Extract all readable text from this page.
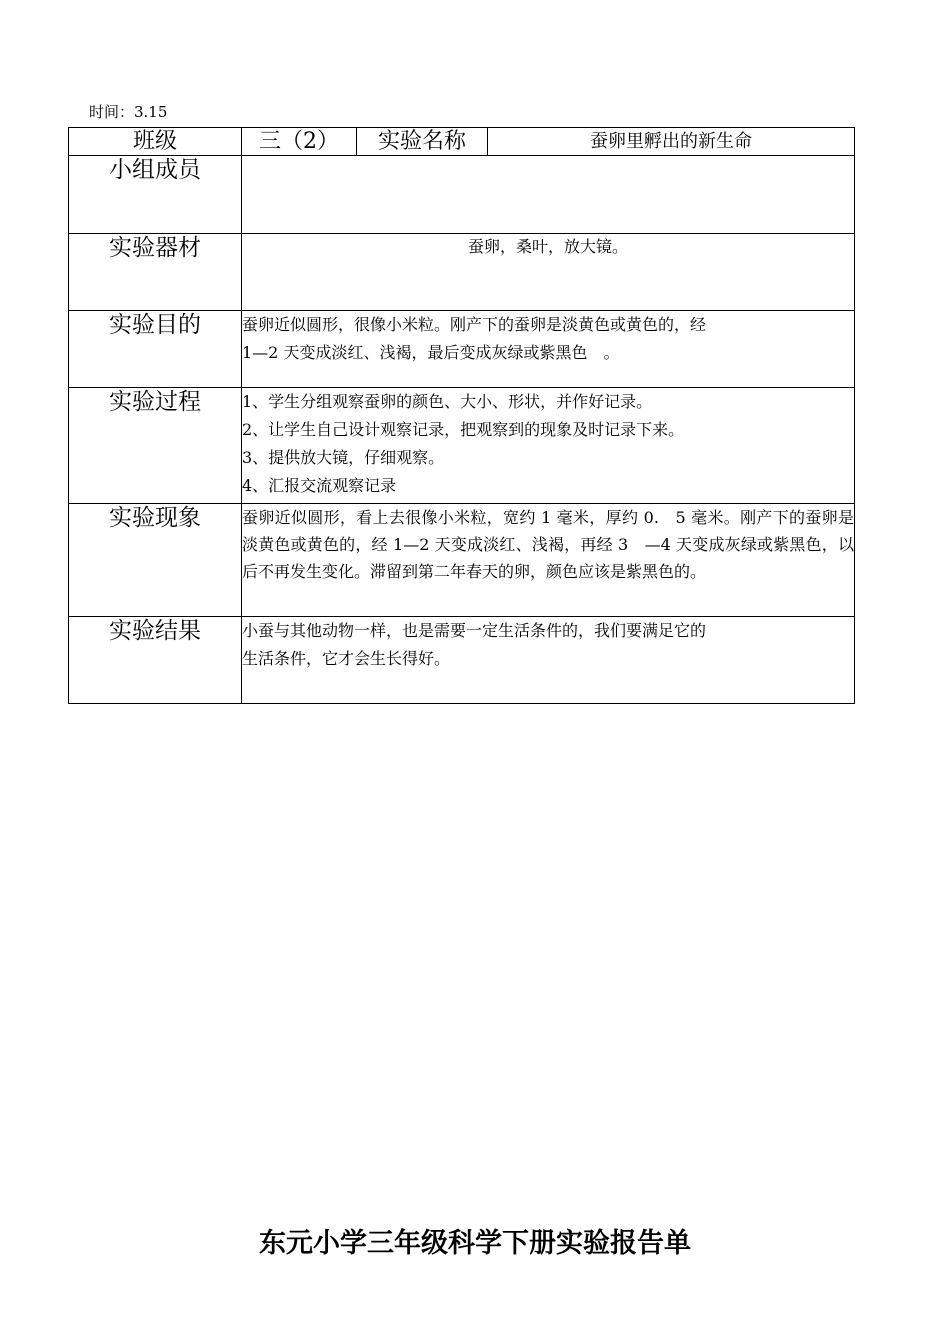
时间：3.15
班级	三（2）	实验名称	蚕卵里孵出的新生命
小组成员			
实验器材	蚕卵，桑叶，放大镜。		
实验目的	蚕卵近似圆形，很像小米粒。刚产下的蚕卵是淡黄色或黄色的，经

1—2 天变成淡红、浅褐，最后变成灰绿或紫黑色　。		

实验过程	1、学生分组观察蚕卵的颜色、大小、形状，并作好记录。

2、让学生自己设计观察记录，把观察到的现象及时记录下来。

3、提供放大镜，仔细观察。

4、汇报交流观察记录		

实验现象	蚕卵近似圆形，看上去很像小米粒，宽约 1 毫米，厚约 0.　5 毫米。刚产下的蚕卵是淡黄色或黄色的，经 1—2 天变成淡红、浅褐，再经 3　—4 天变成灰绿或紫黑色，以后不再发生变化。滞留到第二年春天的卵，颜色应该是紫黑色的。		
实验结果	小蚕与其他动物一样，也是需要一定生活条件的，我们要满足它的

生活条件，它才会生长得好。		

东元小学三年级科学下册实验报告单
